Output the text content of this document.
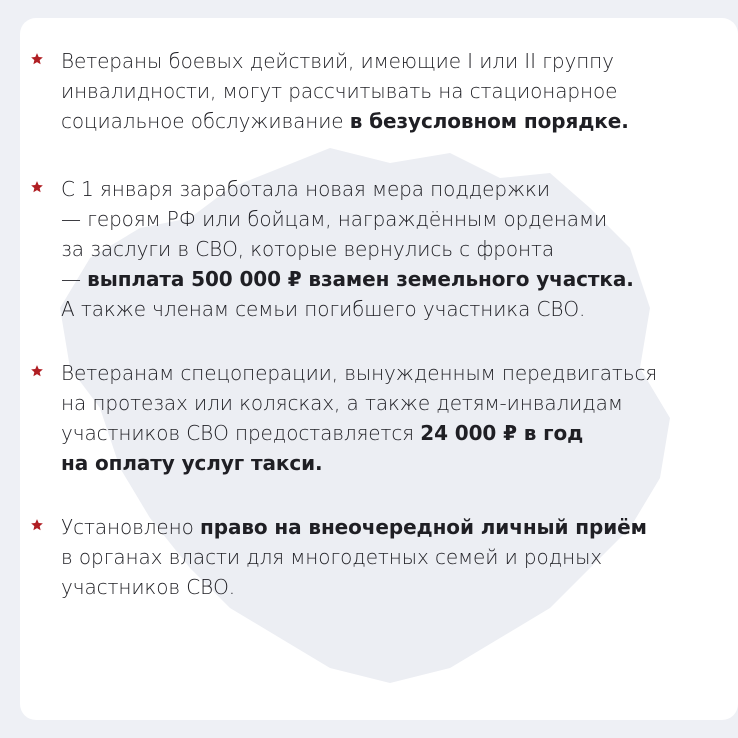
Ветераны боевых действий, имеющие I или II группу
инвалидности, могут рассчитывать на стационарное
социальное обслуживание в безусловном порядке.
С 1 января заработала новая мера поддержки
— героям РФ или бойцам, награждённым орденами
за заслуги в СВО, которые вернулись с фронта
— выплата 500 000 ₽ взамен земельного участка.
А также членам семьи погибшего участника СВО.
Ветеранам спецоперации, вынужденным передвигаться
на протезах или колясках, а также детям-инвалидам
участников СВО предоставляется 24 000 ₽ в год
на оплату услуг такси.
Установлено право на внеочередной личный приём
в органах власти для многодетных семей и родных
участников СВО.
